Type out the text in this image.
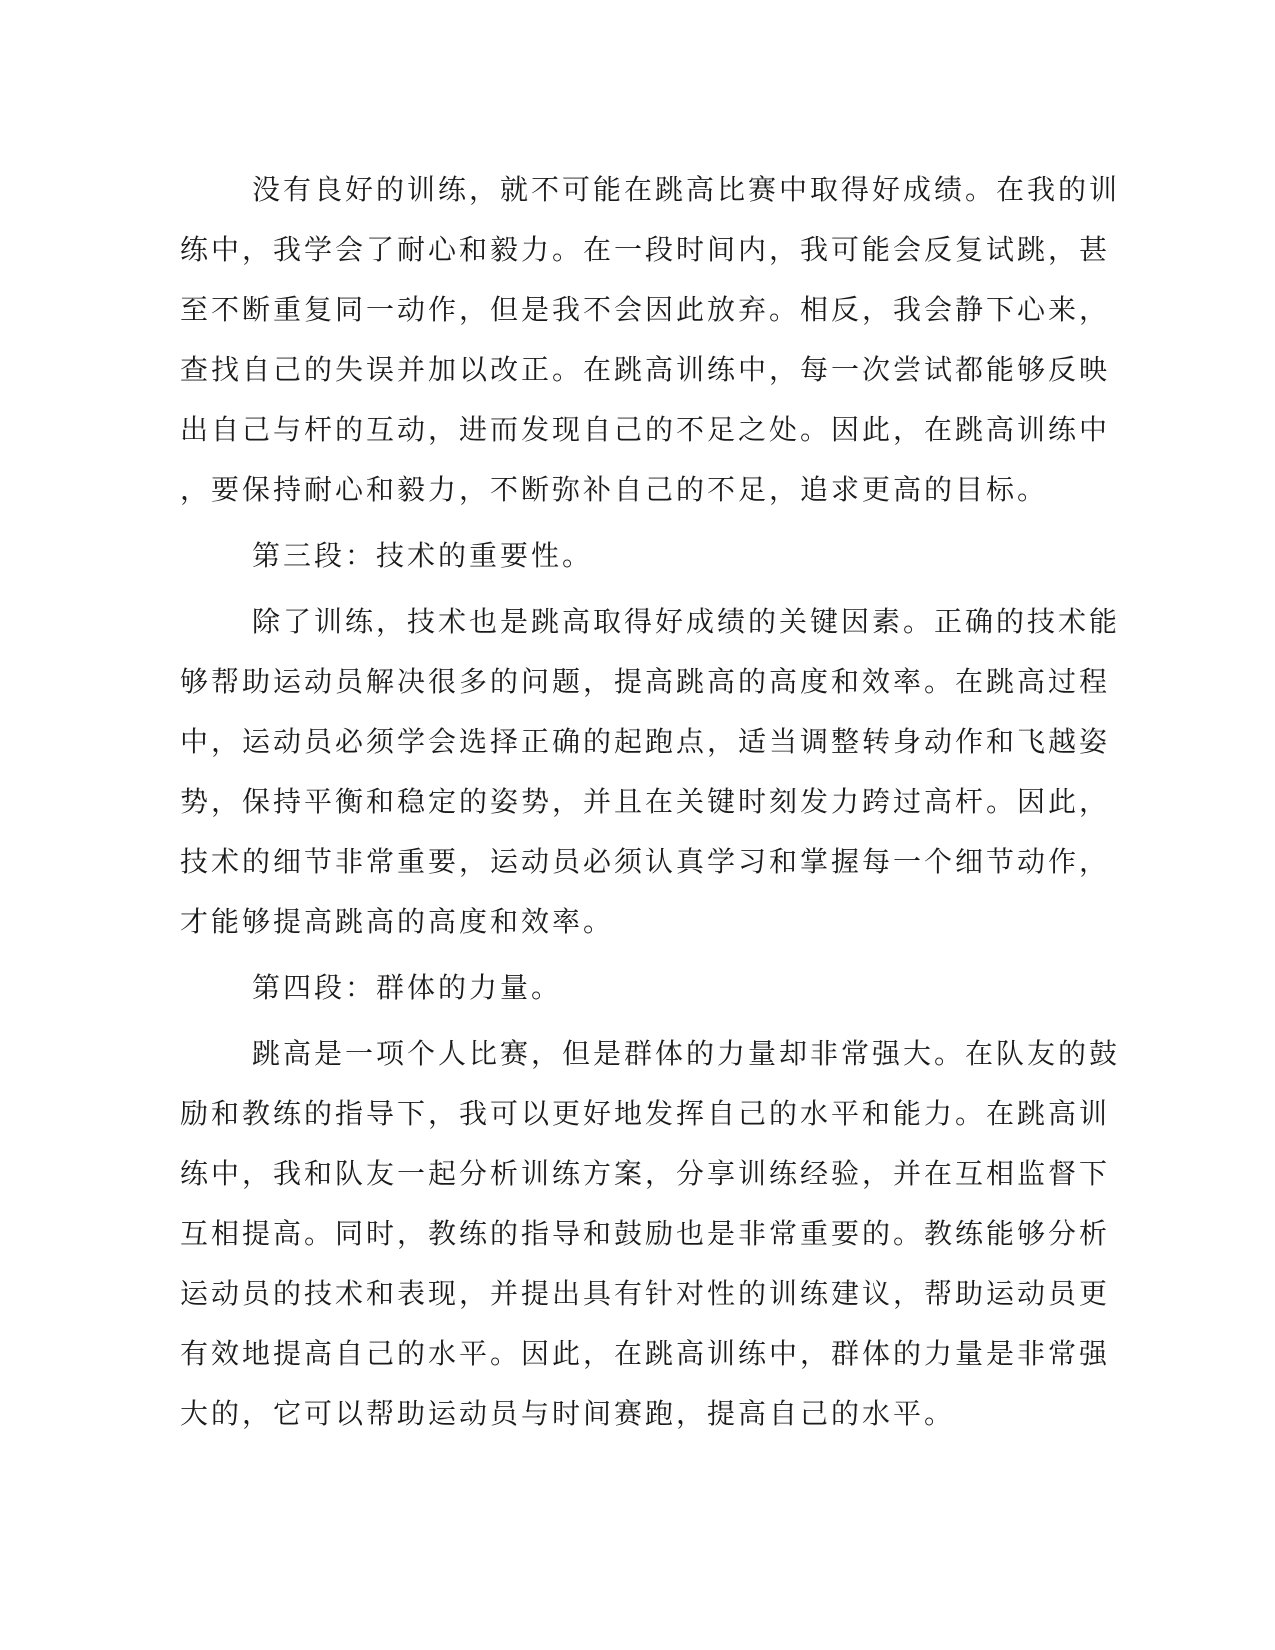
没有良好的训练，就不可能在跳高比赛中取得好成绩。在我的训
练中，我学会了耐心和毅力。在一段时间内，我可能会反复试跳，甚
至不断重复同一动作，但是我不会因此放弃。相反，我会静下心来，
查找自己的失误并加以改正。在跳高训练中，每一次尝试都能够反映
出自己与杆的互动，进而发现自己的不足之处。因此，在跳高训练中
，要保持耐心和毅力，不断弥补自己的不足，追求更高的目标。
第三段：技术的重要性。
除了训练，技术也是跳高取得好成绩的关键因素。正确的技术能
够帮助运动员解决很多的问题，提高跳高的高度和效率。在跳高过程
中，运动员必须学会选择正确的起跑点，适当调整转身动作和飞越姿
势，保持平衡和稳定的姿势，并且在关键时刻发力跨过高杆。因此，
技术的细节非常重要，运动员必须认真学习和掌握每一个细节动作，
才能够提高跳高的高度和效率。
第四段：群体的力量。
跳高是一项个人比赛，但是群体的力量却非常强大。在队友的鼓
励和教练的指导下，我可以更好地发挥自己的水平和能力。在跳高训
练中，我和队友一起分析训练方案，分享训练经验，并在互相监督下
互相提高。同时，教练的指导和鼓励也是非常重要的。教练能够分析
运动员的技术和表现，并提出具有针对性的训练建议，帮助运动员更
有效地提高自己的水平。因此，在跳高训练中，群体的力量是非常强
大的，它可以帮助运动员与时间赛跑，提高自己的水平。
